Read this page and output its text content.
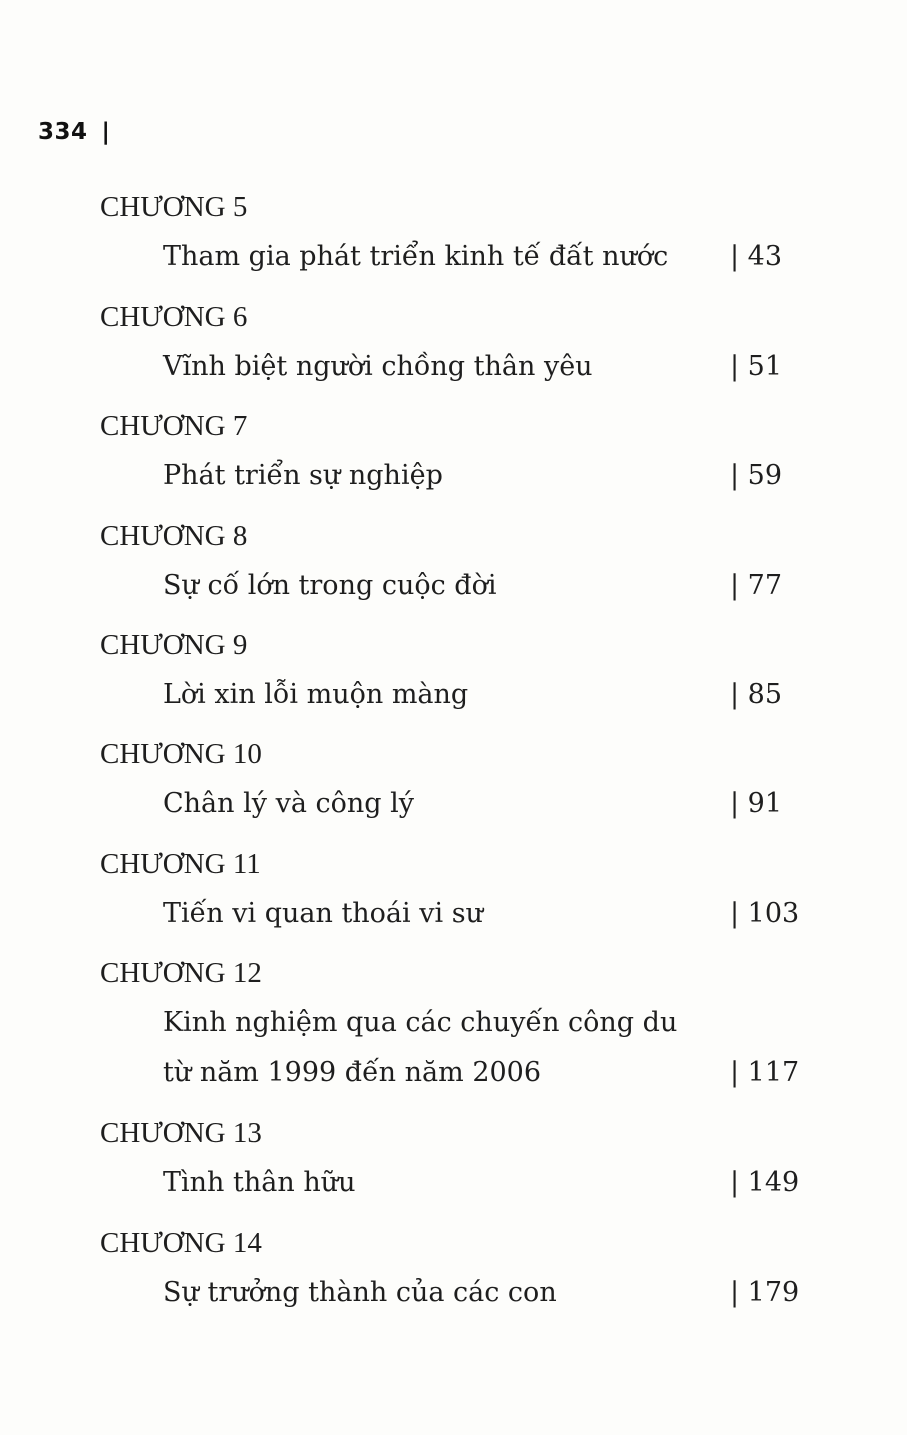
334 |
CHƯƠNG 5
Tham gia phát triển kinh tế đất nước | 43
CHƯƠNG 6
Vĩnh biệt người chồng thân yêu	| 51
CHƯƠNG 7
Phát triển sự nghiệp	| 59
CHƯƠNG 8
Sự cố lớn trong cuộc đời	| 77
CHƯƠNG 9
Lời xin lỗi muộn màng	| 85
CHƯƠNG 10
Chân lý và công lý	| 91
CHƯƠNG 11
Tiến vi quan thoái vi sư	| 103
CHƯƠNG 12
Kinh nghiệm qua các chuyến công du
từ năm 1999 đến năm 2006	| 117
CHƯƠNG 13
Tình thân hữu	| 149
CHƯƠNG 14
Sự trưởng thành của các con	| 179
